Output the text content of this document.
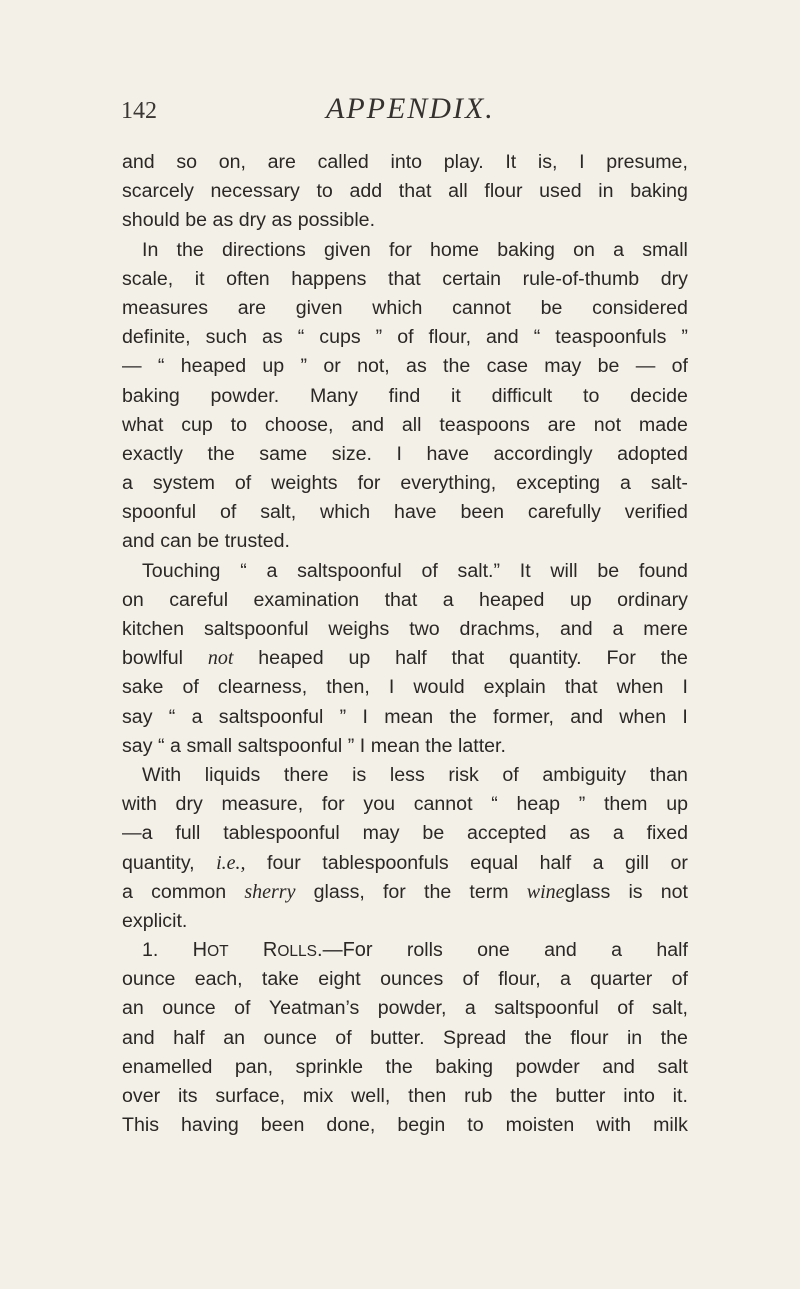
142	APPENDIX.
and so on, are called into play. It is, I presume,
scarcely necessary to add that all flour used in baking
should be as dry as possible.
In the directions given for home baking on a small
scale, it often happens that certain rule-of-thumb dry
measures are given which cannot be considered
definite, such as “ cups ” of flour, and “ teaspoonfuls ”
— “ heaped up ” or not, as the case may be — of
baking powder. Many find it difficult to decide
what cup to choose, and all teaspoons are not made
exactly the same size. I have accordingly adopted
a system of weights for everything, excepting a salt-
spoonful of salt, which have been carefully verified
and can be trusted.
Touching “ a saltspoonful of salt.” It will be found
on careful examination that a heaped up ordinary
kitchen saltspoonful weighs two drachms, and a mere
bowlful not heaped up half that quantity. For the
sake of clearness, then, I would explain that when I
say “ a saltspoonful ” I mean the former, and when I
say “ a small saltspoonful ” I mean the latter.
With liquids there is less risk of ambiguity than
with dry measure, for you cannot “ heap ” them up
—a full tablespoonful may be accepted as a fixed
quantity, i.e., four tablespoonfuls equal half a gill or
a common sherry glass, for the term wineglass is not
explicit.
1. HOT ROLLS.—For rolls one and a half
ounce each, take eight ounces of flour, a quarter of
an ounce of Yeatman’s powder, a saltspoonful of salt,
and half an ounce of butter. Spread the flour in the
enamelled pan, sprinkle the baking powder and salt
over its surface, mix well, then rub the butter into it.
This having been done, begin to moisten with milk
